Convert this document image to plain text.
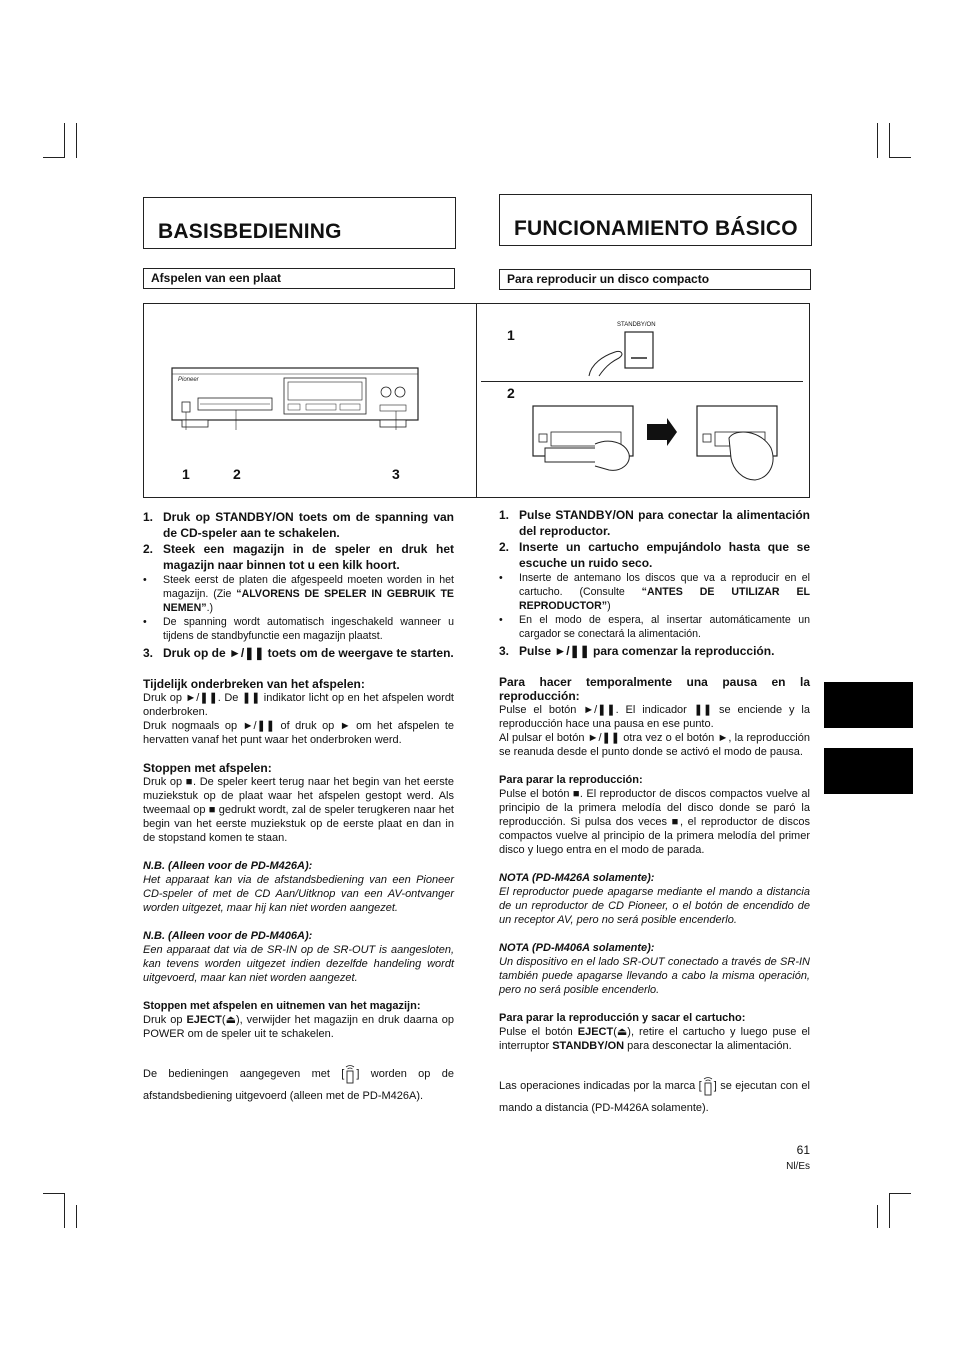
BASISBEDIENING	FUNCIONAMIENTO BÁSICO
Afspelen van een plaat	Para reproducir un disco compacto
Pioneer
1	2	3
1
2
STANDBY/ON
1. Druk op STANDBY/ON toets om de spanning van de CD-speler aan te schakelen.
2. Steek een magazijn in de speler en druk het magazijn naar binnen tot u een kilk hoort.
•	Steek eerst de platen die afgespeeld moeten worden in het magazijn. (Zie “ALVORENS DE SPELER IN GEBRUIK TE NEMEN”.)
•	De spanning wordt automatisch ingeschakeld wanneer u tijdens de standbyfunctie een magazijn plaatst.
3. Druk op de ►/❚❚ toets om de weergave te starten.
Tijdelijk onderbreken van het afspelen:

Druk op ►/❚❚. De ❚❚ indikator licht op en het afspelen wordt onderbroken.

Druk nogmaals op ►/❚❚ of druk op ► om het afspelen te hervatten vanaf het punt waar het onderbroken werd.

Stoppen met afspelen:

Druk op ■. De speler keert terug naar het begin van het eerste muziekstuk op de plaat waar het afspelen gestopt werd. Als tweemaal op ■ gedrukt wordt, zal de speler terugkeren naar het begin van het eerste muziekstuk op de eerste plaat en dan in de stopstand komen te staan.

N.B. (Alleen voor de PD-M426A):

Het apparaat kan via de afstandsbediening van een Pioneer CD-speler of met de CD Aan/Uitknop van een AV-ontvanger worden uitgezet, maar hij kan niet worden aangezet.

N.B. (Alleen voor de PD-M406A):

Een apparaat dat via de SR-IN op de SR-OUT is aangesloten, kan tevens worden uitgezet indien dezelfde handeling wordt uitgevoerd, maar kan niet worden aangezet.

Stoppen met afspelen en uitnemen van het magazijn:

Druk op EJECT(⏏), verwijder het magazijn en druk daarna op POWER om de speler uit te schakelen.

De bedieningen aangegeven met [ ] worden op de afstandsbediening uitgevoerd (alleen met de PD-M426A).

1. Pulse STANDBY/ON para conectar la alimentación del reproductor.
2. Inserte un cartucho empujándolo hasta que se escuche un ruido seco.
•	Inserte de antemano los discos que va a reproducir en el cartucho. (Consulte “ANTES DE UTILIZAR EL REPRODUCTOR”)
•	En el modo de espera, al insertar automáticamente un cargador se conectará la alimentación.
3. Pulse ►/❚❚ para comenzar la reproducción.
Para hacer temporalmente una pausa en la reproducción:

Pulse el botón ►/❚❚. El indicador ❚❚ se enciende y la reproducción hace una pausa en ese punto.

Al pulsar el botón ►/❚❚ otra vez o el botón ►, la reproducción se reanuda desde el punto donde se activó el modo de pausa.

Para parar la reproducción:

Pulse el botón ■. El reproductor de discos compactos vuelve al principio de la primera melodía del disco donde se paró la reproducción. Si pulsa dos veces ■, el reproductor de discos compactos vuelve al principio de la primera melodía del primer disco y luego entra en el modo de parada.

NOTA (PD-M426A solamente):

El reproductor puede apagarse mediante el mando a distancia de un reproductor de CD Pioneer, o el botón de encendido de un receptor AV, pero no será posible encenderlo.

NOTA (PD-M406A solamente):

Un dispositivo en el lado SR-OUT conectado a través de SR-IN también puede apagarse llevando a cabo la misma operación, pero no será posible encenderlo.

Para parar la reproducción y sacar el cartucho:

Pulse el botón EJECT(⏏), retire el cartucho y luego puse el interruptor STANDBY/ON para desconectar la alimentación.

Las operaciones indicadas por la marca [ ] se ejecutan con el mando a distancia (PD-M426A solamente).

61
Nl/Es
